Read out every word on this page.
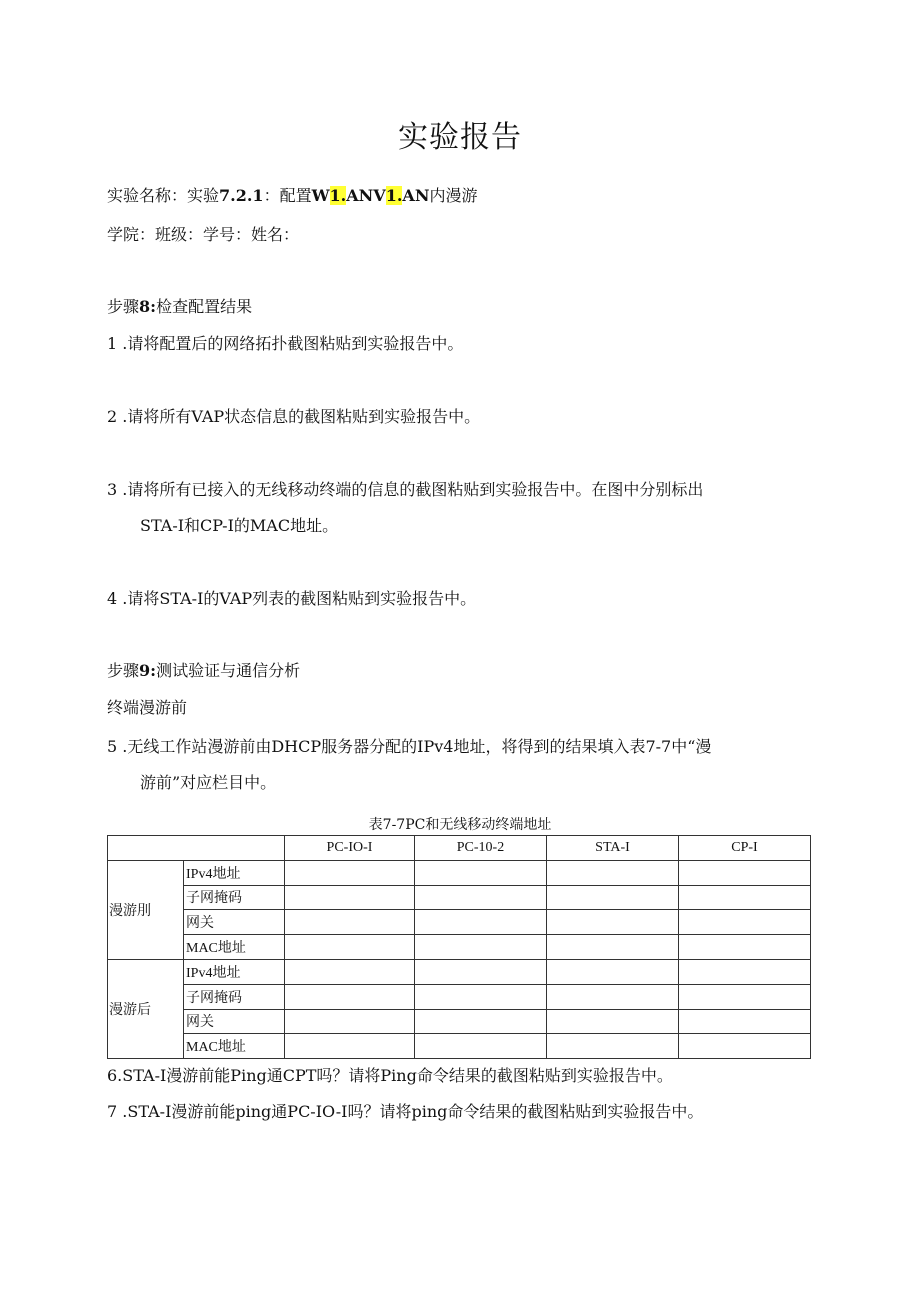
实验报告
实验名称：实验7.2.1：配置W1.ANV1.AN内漫游
学院：班级：学号：姓名：
步骤8:检查配置结果
1 .请将配置后的网络拓扑截图粘贴到实验报告中。
2 .请将所有VAP状态信息的截图粘贴到实验报告中。
3 .请将所有已接入的无线移动终端的信息的截图粘贴到实验报告中。在图中分别标出
STA-I和CP-I的MAC地址。
4 .请将STA-I的VAP列表的截图粘贴到实验报告中。
步骤9:测试验证与通信分析
终端漫游前
5 .无线工作站漫游前由DHCP服务器分配的IPv4地址，将得到的结果填入表7-7中“漫
游前”对应栏目中。
表7-7PC和无线移动终端地址
		PC-IO-I	PC-10-2	STA-I	CP-I
漫游刖	IPv4地址				
	子网掩码				
	网关				
	MAC地址				
漫游后	IPv4地址				
	子网掩码				
	网关				
	MAC地址				
6.STA-I漫游前能Ping通CPT吗？请将Ping命令结果的截图粘贴到实验报告中。
7 .STA-I漫游前能ping通PC-IO-I吗？请将ping命令结果的截图粘贴到实验报告中。
